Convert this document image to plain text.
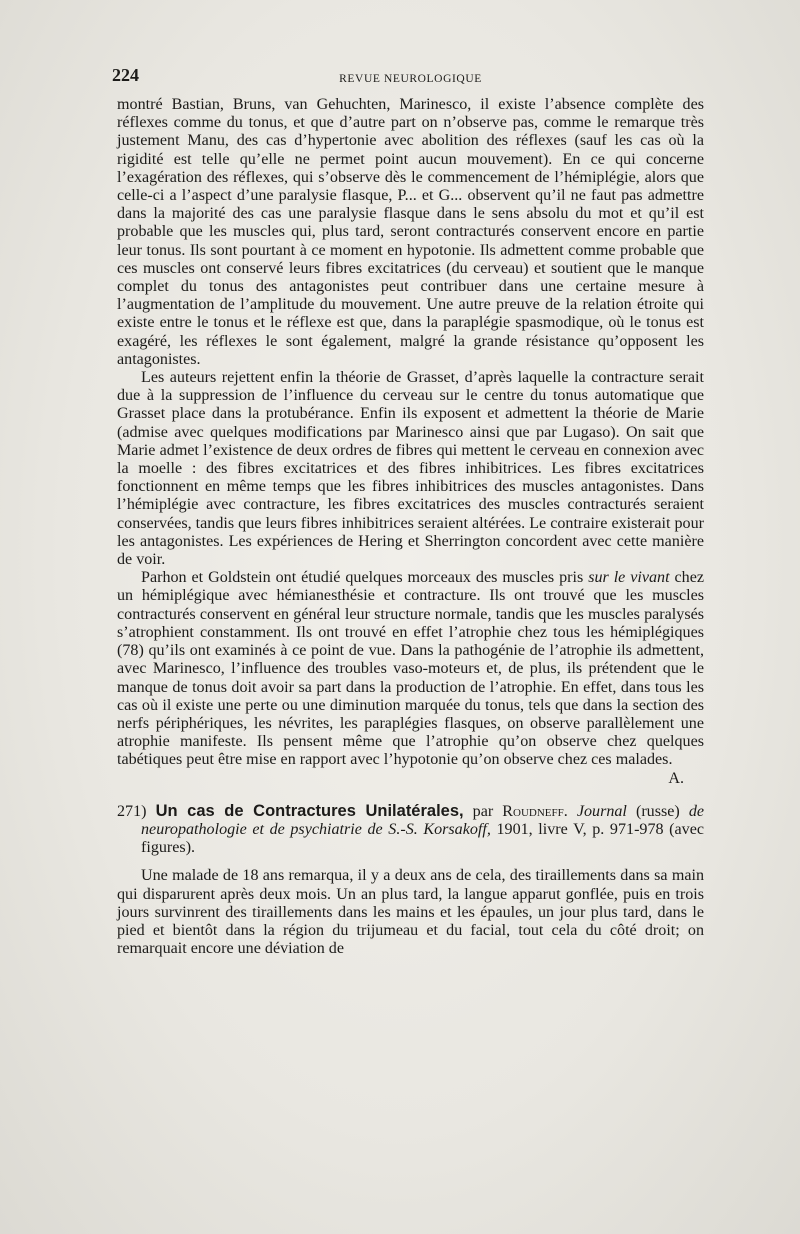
224	REVUE NEUROLOGIQUE

montré Bastian, Bruns, van Gehuchten, Marinesco, il existe l’absence complète des réflexes comme du tonus, et que d’autre part on n’observe pas, comme le remarque très justement Manu, des cas d’hypertonie avec abolition des réflexes (sauf les cas où la rigidité est telle qu’elle ne permet point aucun mouvement). En ce qui concerne l’exagération des réflexes, qui s’observe dès le commencement de l’hémiplégie, alors que celle-ci a l’aspect d’une paralysie flasque, P... et G... observent qu’il ne faut pas admettre dans la majorité des cas une paralysie flasque dans le sens absolu du mot et qu’il est probable que les muscles qui, plus tard, seront contracturés conservent encore en partie leur tonus. Ils sont pourtant à ce moment en hypotonie. Ils admettent comme probable que ces muscles ont conservé leurs fibres excitatrices (du cerveau) et soutient que le manque complet du tonus des antagonistes peut contribuer dans une certaine mesure à l’augmentation de l’amplitude du mouvement. Une autre preuve de la relation étroite qui existe entre le tonus et le réflexe est que, dans la paraplégie spasmodique, où le tonus est exagéré, les réflexes le sont également, malgré la grande résistance qu’opposent les antagonistes.

Les auteurs rejettent enfin la théorie de Grasset, d’après laquelle la contracture serait due à la suppression de l’influence du cerveau sur le centre du tonus automatique que Grasset place dans la protubérance. Enfin ils exposent et admettent la théorie de Marie (admise avec quelques modifications par Marinesco ainsi que par Lugaso). On sait que Marie admet l’existence de deux ordres de fibres qui mettent le cerveau en connexion avec la moelle : des fibres excitatrices et des fibres inhibitrices. Les fibres excitatrices fonctionnent en même temps que les fibres inhibitrices des muscles antagonistes. Dans l’hémiplégie avec contracture, les fibres excitatrices des muscles contracturés seraient conservées, tandis que leurs fibres inhibitrices seraient altérées. Le contraire existerait pour les antagonistes. Les expériences de Hering et Sherrington concordent avec cette manière de voir.

Parhon et Goldstein ont étudié quelques morceaux des muscles pris sur le vivant chez un hémiplégique avec hémianesthésie et contracture. Ils ont trouvé que les muscles contracturés conservent en général leur structure normale, tandis que les muscles paralysés s’atrophient constamment. Ils ont trouvé en effet l’atrophie chez tous les hémiplégiques (78) qu’ils ont examinés à ce point de vue. Dans la pathogénie de l’atrophie ils admettent, avec Marinesco, l’influence des troubles vaso-moteurs et, de plus, ils prétendent que le manque de tonus doit avoir sa part dans la production de l’atrophie. En effet, dans tous les cas où il existe une perte ou une diminution marquée du tonus, tels que dans la section des nerfs périphériques, les névrites, les paraplégies flasques, on observe parallèlement une atrophie manifeste. Ils pensent même que l’atrophie qu’on observe chez quelques tabétiques peut être mise en rapport avec l’hypotonie qu’on observe chez ces malades.

A.

271) Un cas de Contractures Unilatérales, par Roudneff. Journal (russe) de neuropathologie et de psychiatrie de S.-S. Korsakoff, 1901, livre V, p. 971-978 (avec figures).

Une malade de 18 ans remarqua, il y a deux ans de cela, des tiraillements dans sa main qui disparurent après deux mois. Un an plus tard, la langue apparut gonflée, puis en trois jours survinrent des tiraillements dans les mains et les épaules, un jour plus tard, dans le pied et bientôt dans la région du trijumeau et du facial, tout cela du côté droit; on remarquait encore une déviation de
